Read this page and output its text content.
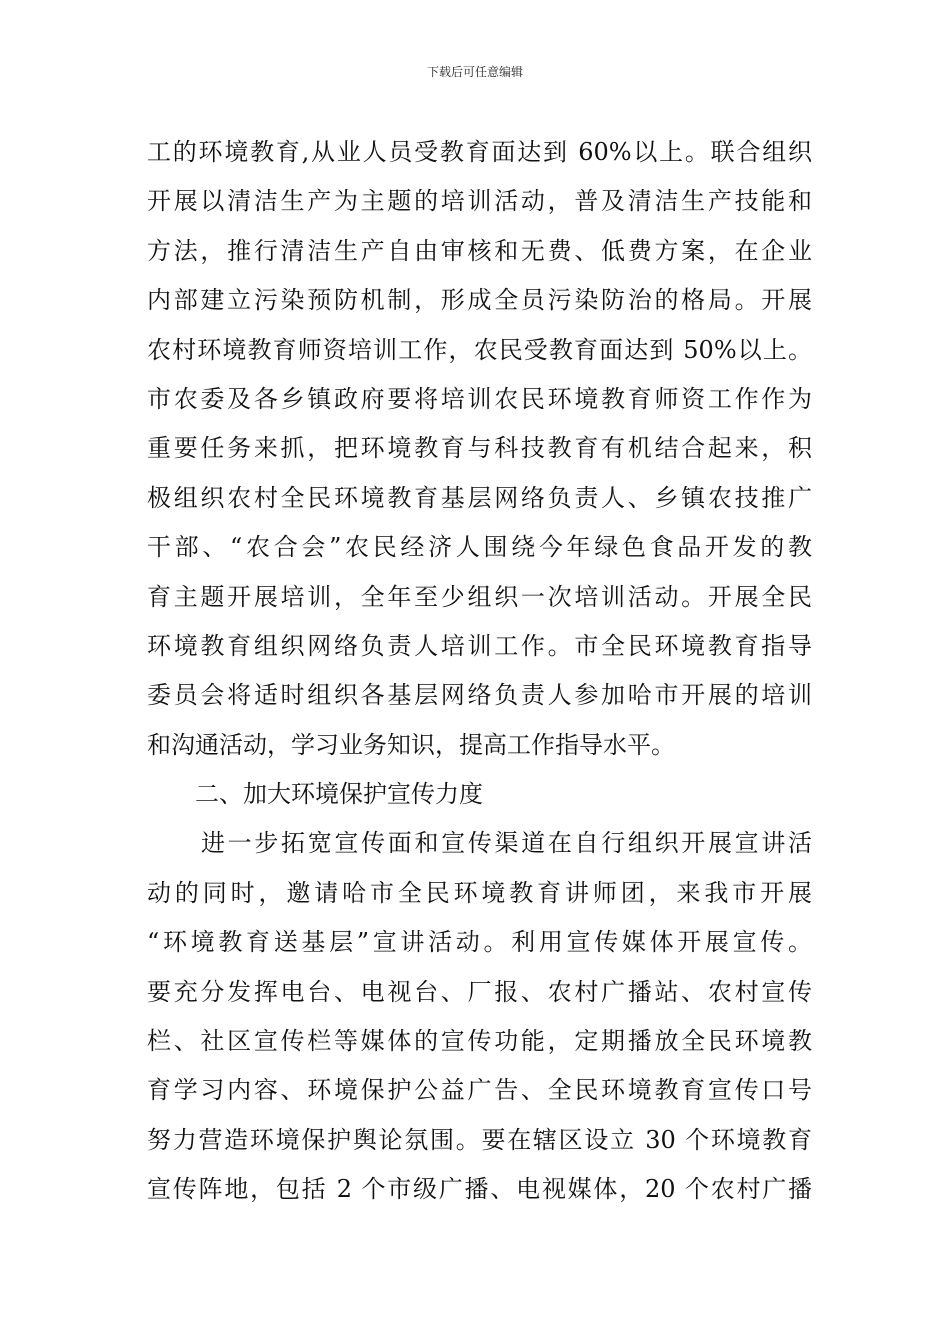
下载后可任意编辑
工的环境教育,从业人员受教育面达到 60%以上。联合组织
开展以清洁生产为主题的培训活动，普及清洁生产技能和
方法，推行清洁生产自由审核和无费、低费方案，在企业
内部建立污染预防机制，形成全员污染防治的格局。开展
农村环境教育师资培训工作，农民受教育面达到 50%以上。
市农委及各乡镇政府要将培训农民环境教育师资工作作为
重要任务来抓，把环境教育与科技教育有机结合起来，积
极组织农村全民环境教育基层网络负责人、乡镇农技推广
干部、“农合会”农民经济人围绕今年绿色食品开发的教
育主题开展培训，全年至少组织一次培训活动。开展全民
环境教育组织网络负责人培训工作。市全民环境教育指导
委员会将适时组织各基层网络负责人参加哈市开展的培训
和沟通活动，学习业务知识，提高工作指导水平。
二、加大环境保护宣传力度
进一步拓宽宣传面和宣传渠道在自行组织开展宣讲活
动的同时，邀请哈市全民环境教育讲师团，来我市开展
“环境教育送基层”宣讲活动。利用宣传媒体开展宣传。
要充分发挥电台、电视台、厂报、农村广播站、农村宣传
栏、社区宣传栏等媒体的宣传功能，定期播放全民环境教
育学习内容、环境保护公益广告、全民环境教育宣传口号
努力营造环境保护舆论氛围。要在辖区设立 30 个环境教育
宣传阵地，包括 2 个市级广播、电视媒体，20 个农村广播
